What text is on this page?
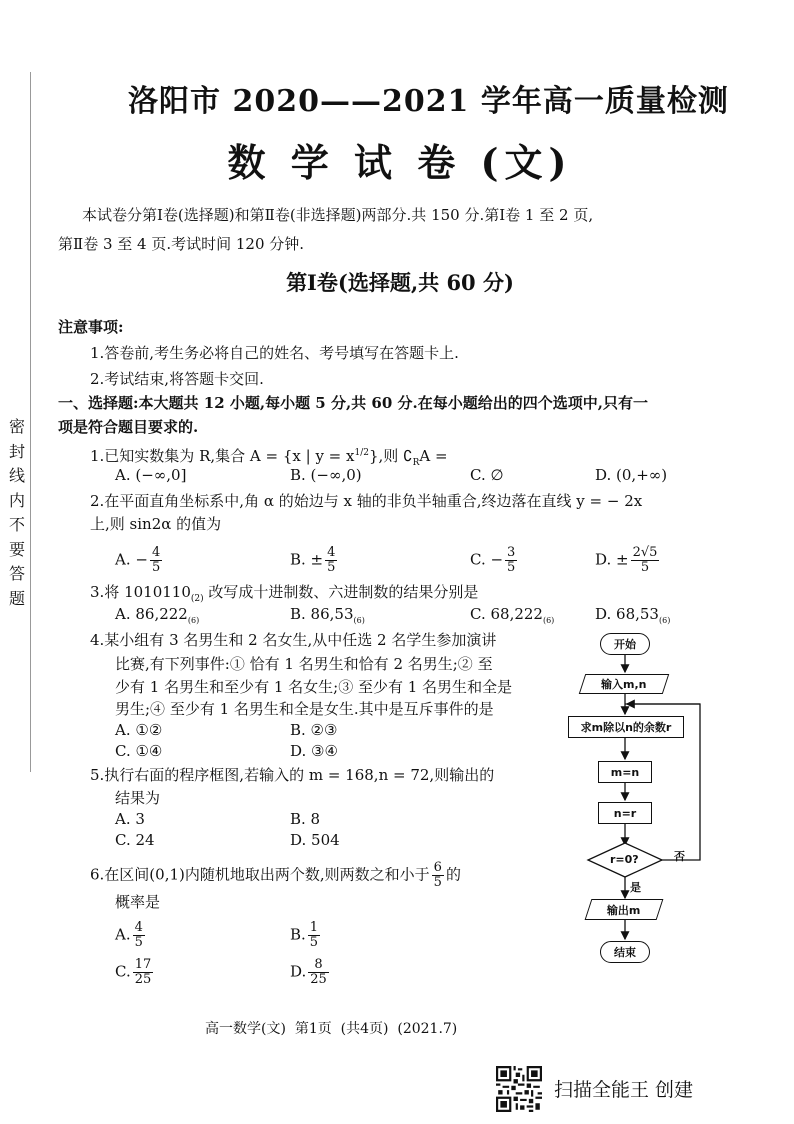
密封线内不要答题
洛阳市 2020——2021 学年高一质量检测
数 学 试 卷 (文)
本试卷分第Ⅰ卷(选择题)和第Ⅱ卷(非选择题)两部分.共 150 分.第Ⅰ卷 1 至 2 页,
第Ⅱ卷 3 至 4 页.考试时间 120 分钟.
第Ⅰ卷(选择题,共 60 分)
注意事项:
1.答卷前,考生务必将自己的姓名、考号填写在答题卡上.
2.考试结束,将答题卡交回.
一、选择题:本大题共 12 小题,每小题 5 分,共 60 分.在每小题给出的四个选项中,只有一
项是符合题目要求的.
1.已知实数集为 R,集合 A = {x | $y = x^{1/2}$},则 $∁_RA$ =
A. (−∞,0]	B. (−∞,0)	C. ∅	D. (0,+∞)
2.在平面直角坐标系中,角 α 的始边与 x 轴的非负半轴重合,终边落在直线 y = − 2x
上,则 sin2α 的值为
A. − $\frac{4}{5}$	B. ± $\frac{4}{5}$	C. − $\frac{3}{5}$	D. ± $\frac{2√5}{5}$
3.将 $1010110_{(2)}$ 改写成十进制数、六进制数的结果分别是
A. $86,222_{(6)}$	B. $86,53_{(6)}$	C. $68,222_{(6)}$	D. $68,53_{(6)}$
4.某小组有 3 名男生和 2 名女生,从中任选 2 名学生参加演讲
比赛,有下列事件:① 恰有 1 名男生和恰有 2 名男生;② 至
少有 1 名男生和至少有 1 名女生;③ 至少有 1 名男生和全是
男生;④ 至少有 1 名男生和全是女生.其中是互斥事件的是
A. ①②	B. ②③
C. ①④	D. ③④
5.执行右面的程序框图,若输入的 m = 168,n = 72,则输出的
结果为
A. 3	B. 8
C. 24	D. 504
6.在区间(0,1)内随机地取出两个数,则两数之和小于 $\frac{6}{5}$ 的
概率是
A. $\frac{4}{5}$	B. $\frac{1}{5}$
C. $\frac{17}{25}$	D. $\frac{8}{25}$
开始
输入m,n
求m除以n的余数r
m=n
n=r
r=0?	否
是
输出m
结束
高一数学(文)  第1页  (共4页)  (2021.7)
扫描全能王 创建
